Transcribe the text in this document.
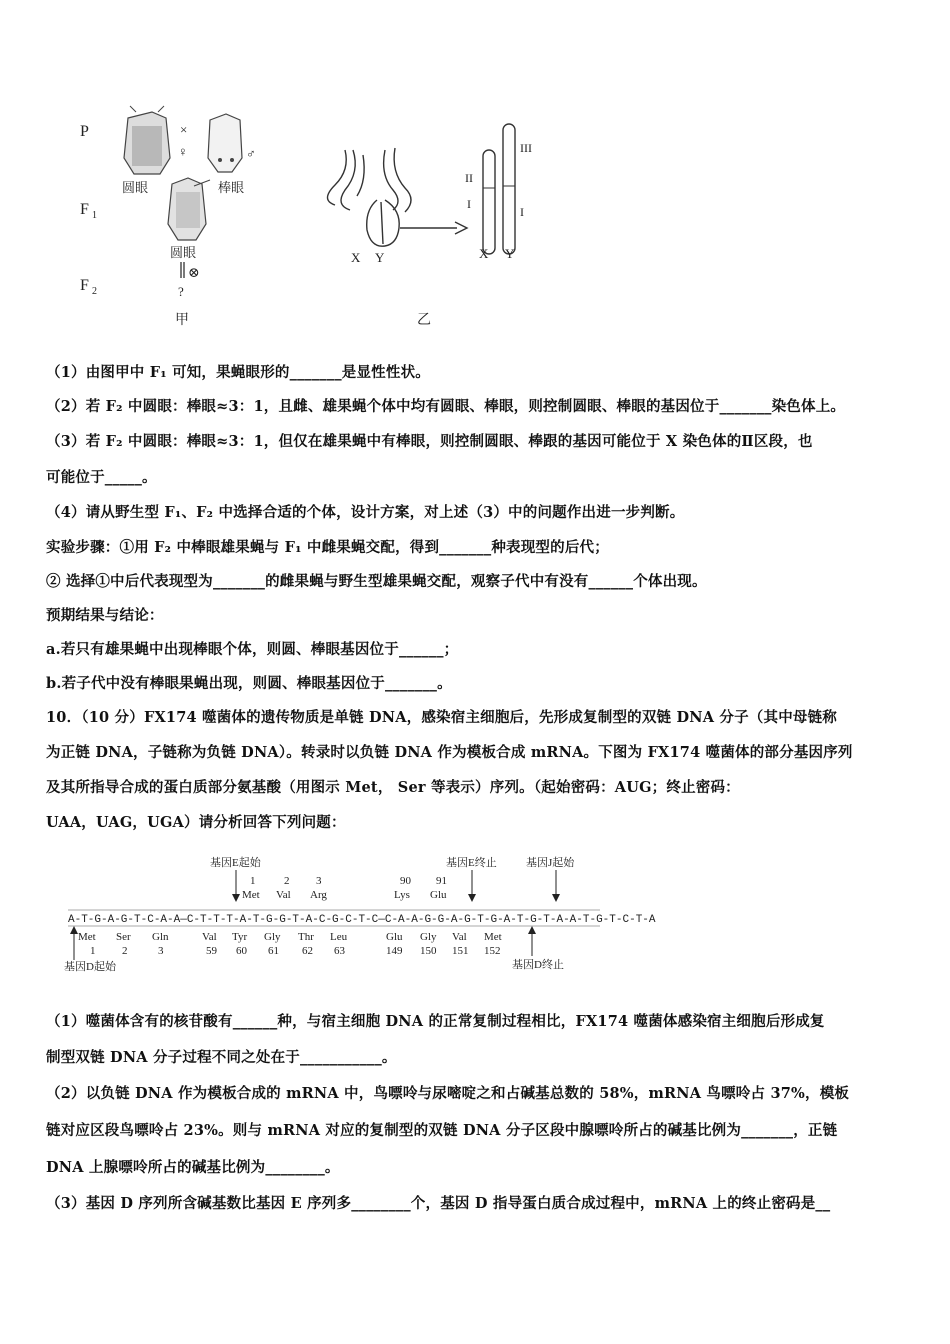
P
F 1
F 2
×
♀	♂
圆眼	棒眼
圆眼
⊗
?
甲
X Y
II
I
III
I
X Y
乙
（1）由图甲中 F₁ 可知，果蝇眼形的_______是显性性状。
（2）若 F₂ 中圆眼：棒眼≈3：1，且雌、雄果蝇个体中均有圆眼、棒眼，则控制圆眼、棒眼的基因位于_______染色体上。
（3）若 F₂ 中圆眼：棒眼≈3：1，但仅在雄果蝇中有棒眼，则控制圆眼、棒跟的基因可能位于 X 染色体的Ⅱ区段，也
可能位于_____。
（4）请从野生型 F₁、F₂ 中选择合适的个体，设计方案，对上述（3）中的问题作出进一步判断。
实验步骤：①用 F₂ 中棒眼雄果蝇与 F₁ 中雌果蝇交配，得到_______种表现型的后代；
② 选择①中后代表现型为_______的雌果蝇与野生型雄果蝇交配，观察子代中有没有______个体出现。
预期结果与结论：
a.若只有雄果蝇中出现棒眼个体，则圆、棒眼基因位于______；
b.若子代中没有棒眼果蝇出现，则圆、棒眼基因位于_______。
10．（10 分）FX174 噬菌体的遗传物质是单链 DNA，感染宿主细胞后，先形成复制型的双链 DNA 分子（其中母链称
为正链 DNA，子链称为负链 DNA）。转录时以负链 DNA 作为模板合成 mRNA。下图为 FX174 噬菌体的部分基因序列
及其所指导合成的蛋白质部分氨基酸（用图示 Met， Ser 等表示）序列。（起始密码：AUG；终止密码：
UAA，UAG，UGA）请分析回答下列问题：
基因E起始	基因E终止	基因J起始
1	2 3	90 91
Met Val Arg	Lys Glu
A-T-G-A-G-T-C-A-A—C-T-T-T-A-T-G-G-T-A-C-G-C-T-C—C-A-A-G-G-A-G-T-G-A-T-G-T-A-A-T-G-T-C-T-A
Met Ser Gln	Val Tyr Gly Thr Leu	Glu Gly Val Met
1 2	3	59 60 61 62 63	149 150 151 152
基因D起始	基因D终止
（1）噬菌体含有的核苷酸有______种，与宿主细胞 DNA 的正常复制过程相比，FX174 噬菌体感染宿主细胞后形成复
制型双链 DNA 分子过程不同之处在于___________。
（2）以负链 DNA 作为模板合成的 mRNA 中，鸟嘌呤与尿嘧啶之和占碱基总数的 58%，mRNA 鸟嘌呤占 37%，模板
链对应区段鸟嘌呤占 23%。则与 mRNA 对应的复制型的双链 DNA 分子区段中腺嘌呤所占的碱基比例为_______，正链
DNA 上腺嘌呤所占的碱基比例为________。
（3）基因 D 序列所含碱基数比基因 E 序列多________个，基因 D 指导蛋白质合成过程中，mRNA 上的终止密码是__
